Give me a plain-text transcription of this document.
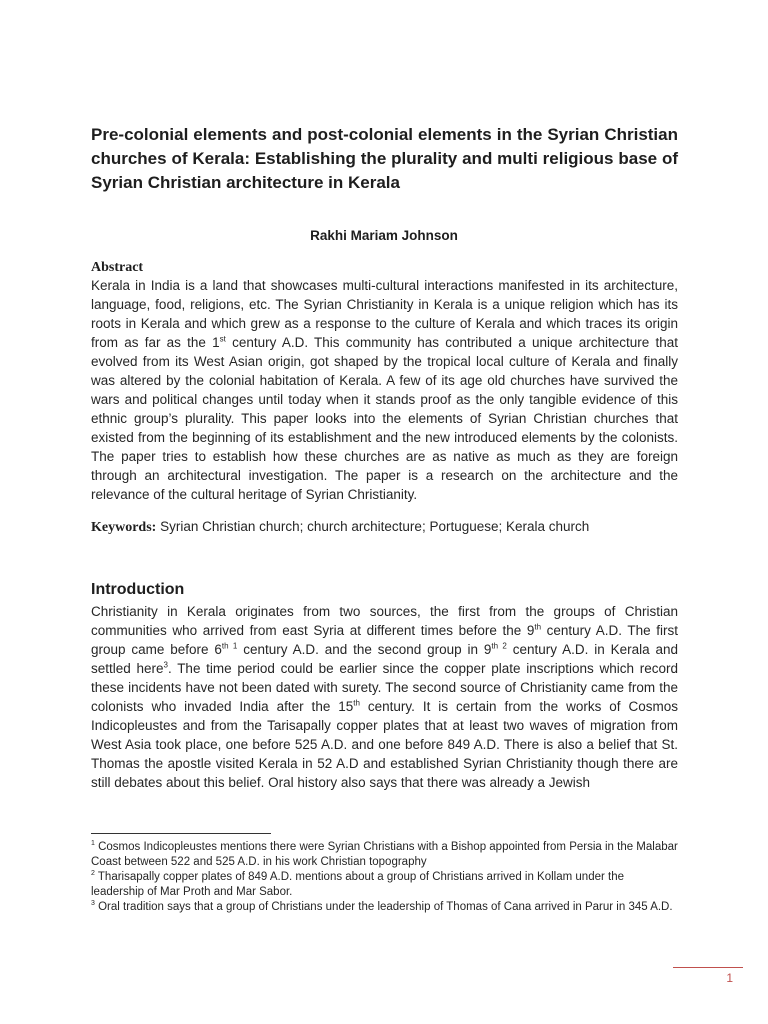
Pre-colonial elements and post-colonial elements in the Syrian Christian churches of Kerala: Establishing the plurality and multi religious base of Syrian Christian architecture in Kerala
Rakhi Mariam Johnson
Abstract
Kerala in India is a land that showcases multi-cultural interactions manifested in its architecture, language, food, religions, etc. The Syrian Christianity in Kerala is a unique religion which has its roots in Kerala and which grew as a response to the culture of Kerala and which traces its origin from as far as the 1st century A.D. This community has contributed a unique architecture that evolved from its West Asian origin, got shaped by the tropical local culture of Kerala and finally was altered by the colonial habitation of Kerala. A few of its age old churches have survived the wars and political changes until today when it stands proof as the only tangible evidence of this ethnic group’s plurality. This paper looks into the elements of Syrian Christian churches that existed from the beginning of its establishment and the new introduced elements by the colonists. The paper tries to establish how these churches are as native as much as they are foreign through an architectural investigation. The paper is a research on the architecture and the relevance of the cultural heritage of Syrian Christianity.
Keywords: Syrian Christian church; church architecture; Portuguese; Kerala church
Introduction
Christianity in Kerala originates from two sources, the first from the groups of Christian communities who arrived from east Syria at different times before the 9th century A.D. The first group came before $6^{th 1}$ century A.D. and the second group in $9^{th 2}$ century A.D. in Kerala and settled here$^3$. The time period could be earlier since the copper plate inscriptions which record these incidents have not been dated with surety. The second source of Christianity came from the colonists who invaded India after the 15th century. It is certain from the works of Cosmos Indicopleustes and from the Tarisapally copper plates that at least two waves of migration from West Asia took place, one before 525 A.D. and one before 849 A.D. There is also a belief that St. Thomas the apostle visited Kerala in 52 A.D and established Syrian Christianity though there are still debates about this belief. Oral history also says that there was already a Jewish

$^1$ Cosmos Indicopleustes mentions there were Syrian Christians with a Bishop appointed from Persia in the Malabar Coast between 522 and 525 A.D. in his work Christian topography

$^2$ Tharisapally copper plates of 849 A.D. mentions about a group of Christians arrived in Kollam under the leadership of Mar Proth and Mar Sabor.

$^3$ Oral tradition says that a group of Christians under the leadership of Thomas of Cana arrived in Parur in 345 A.D.

1
